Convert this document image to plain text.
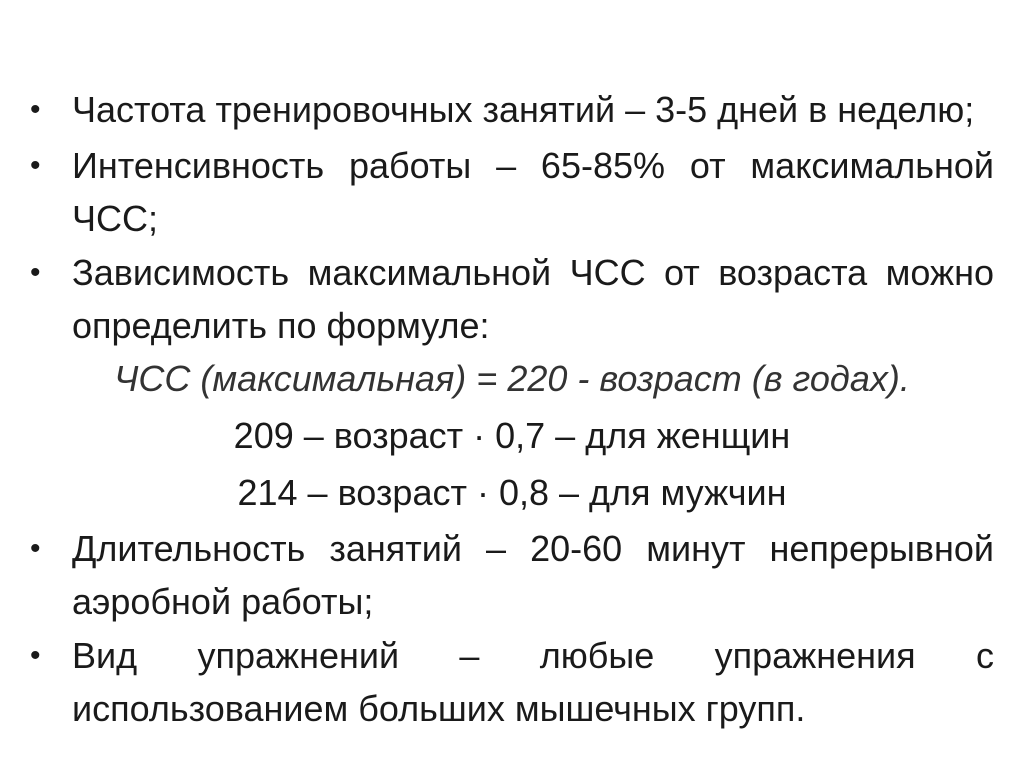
• Частота тренировочных занятий – 3-5 дней в неделю;
• Интенсивность работы – 65-85% от максимальной ЧСС;
• Зависимость максимальной ЧСС от возраста можно определить по формуле:
ЧСС (максимальная) = 220 - возраст (в годах).
209 – возраст · 0,7 – для женщин
214 – возраст · 0,8 – для мужчин
• Длительность занятий – 20-60 минут непрерывной аэробной работы;
• Вид упражнений – любые упражнения с использованием больших мышечных групп.
